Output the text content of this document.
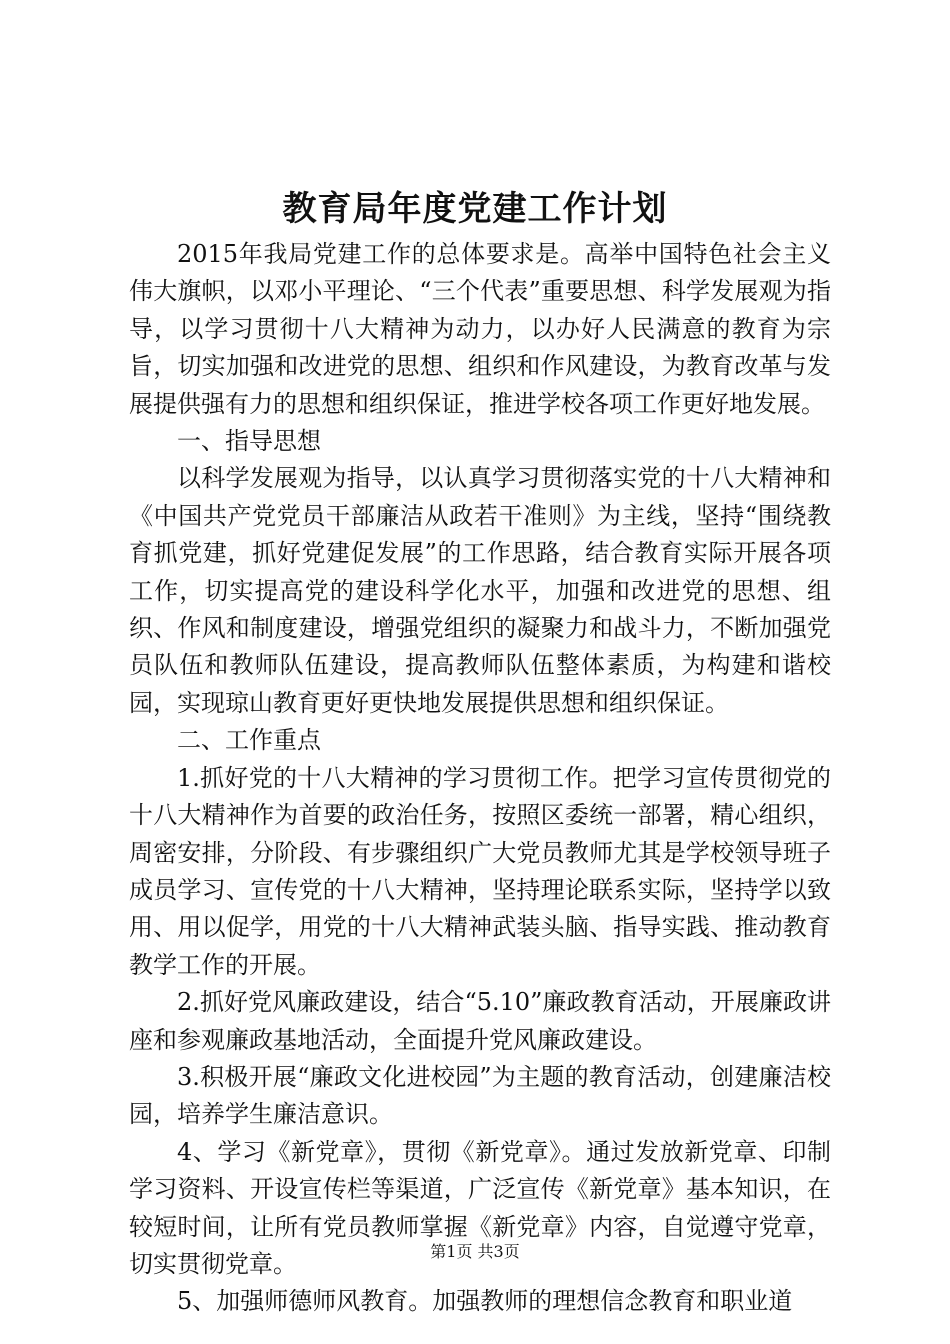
教育局年度党建工作计划

2015年我局党建工作的总体要求是。高举中国特色社会主义伟大旗帜，以邓小平理论、“三个代表”重要思想、科学发展观为指导，以学习贯彻十八大精神为动力，以办好人民满意的教育为宗旨，切实加强和改进党的思想、组织和作风建设，为教育改革与发展提供强有力的思想和组织保证，推进学校各项工作更好地发展。

一、指导思想

以科学发展观为指导，以认真学习贯彻落实党的十八大精神和《中国共产党党员干部廉洁从政若干准则》为主线，坚持“围绕教育抓党建，抓好党建促发展”的工作思路，结合教育实际开展各项工作，切实提高党的建设科学化水平，加强和改进党的思想、组织、作风和制度建设，增强党组织的凝聚力和战斗力，不断加强党员队伍和教师队伍建设，提高教师队伍整体素质，为构建和谐校园，实现琼山教育更好更快地发展提供思想和组织保证。

二、工作重点

1.抓好党的十八大精神的学习贯彻工作。把学习宣传贯彻党的十八大精神作为首要的政治任务，按照区委统一部署，精心组织，周密安排，分阶段、有步骤组织广大党员教师尤其是学校领导班子成员学习、宣传党的十八大精神，坚持理论联系实际，坚持学以致用、用以促学，用党的十八大精神武装头脑、指导实践、推动教育教学工作的开展。

2.抓好党风廉政建设，结合“5.10”廉政教育活动，开展廉政讲座和参观廉政基地活动，全面提升党风廉政建设。

3.积极开展“廉政文化进校园”为主题的教育活动，创建廉洁校园，培养学生廉洁意识。

4、学习《新党章》，贯彻《新党章》。通过发放新党章、印制学习资料、开设宣传栏等渠道，广泛宣传《新党章》基本知识，在较短时间，让所有党员教师掌握《新党章》内容，自觉遵守党章，切实贯彻党章。

5、加强师德师风教育。加强教师的理想信念教育和职业道

第1页 共3页
